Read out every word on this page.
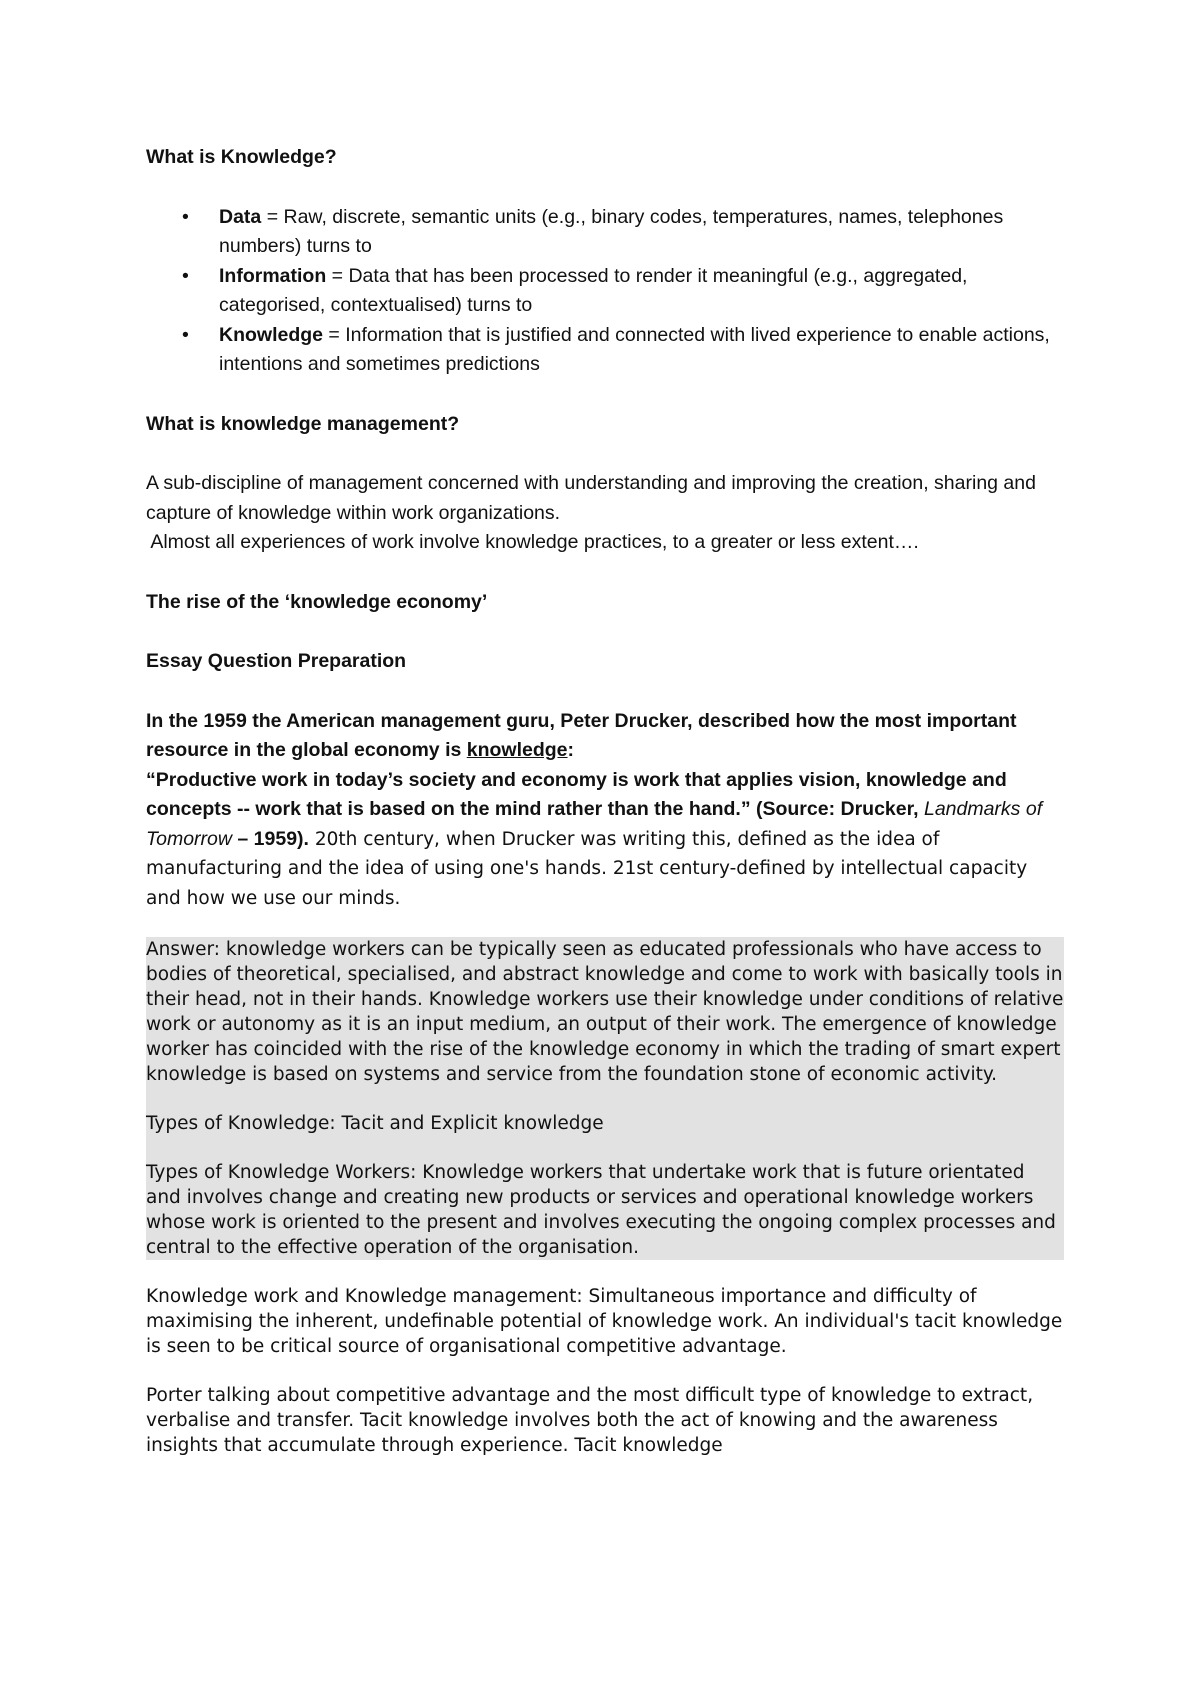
What is Knowledge?

• Data = Raw, discrete, semantic units (e.g., binary codes, temperatures, names, telephones numbers) turns to
• Information = Data that has been processed to render it meaningful (e.g., aggregated, categorised, contextualised) turns to
• Knowledge = Information that is justified and connected with lived experience to enable actions, intentions and sometimes predictions

What is knowledge management?

A sub-discipline of management concerned with understanding and improving the creation, sharing and capture of knowledge within work organizations.

Almost all experiences of work involve knowledge practices, to a greater or less extent….

The rise of the ‘knowledge economy’

Essay Question Preparation

In the 1959 the American management guru, Peter Drucker, described how the most important resource in the global economy is knowledge:

“Productive work in today’s society and economy is work that applies vision, knowledge and concepts -- work that is based on the mind rather than the hand.” (Source: Drucker, Landmarks of Tomorrow – 1959). 20th century, when Drucker was writing this, defined as the idea of manufacturing and the idea of using one's hands. 21st century-defined by intellectual capacity and how we use our minds.

Answer: knowledge workers can be typically seen as educated professionals who have access to bodies of theoretical, specialised, and abstract knowledge and come to work with basically tools in their head, not in their hands. Knowledge workers use their knowledge under conditions of relative work or autonomy as it is an input medium, an output of their work. The emergence of knowledge worker has coincided with the rise of the knowledge economy in which the trading of smart expert knowledge is based on systems and service from the foundation stone of economic activity.

Types of Knowledge: Tacit and Explicit knowledge

Types of Knowledge Workers: Knowledge workers that undertake work that is future orientated and involves change and creating new products or services and operational knowledge workers whose work is oriented to the present and involves executing the ongoing complex processes and central to the effective operation of the organisation.

Knowledge work and Knowledge management: Simultaneous importance and difficulty of maximising the inherent, undefinable potential of knowledge work. An individual's tacit knowledge is seen to be critical source of organisational competitive advantage.

Porter talking about competitive advantage and the most difficult type of knowledge to extract, verbalise and transfer. Tacit knowledge involves both the act of knowing and the awareness insights that accumulate through experience. Tacit knowledge
